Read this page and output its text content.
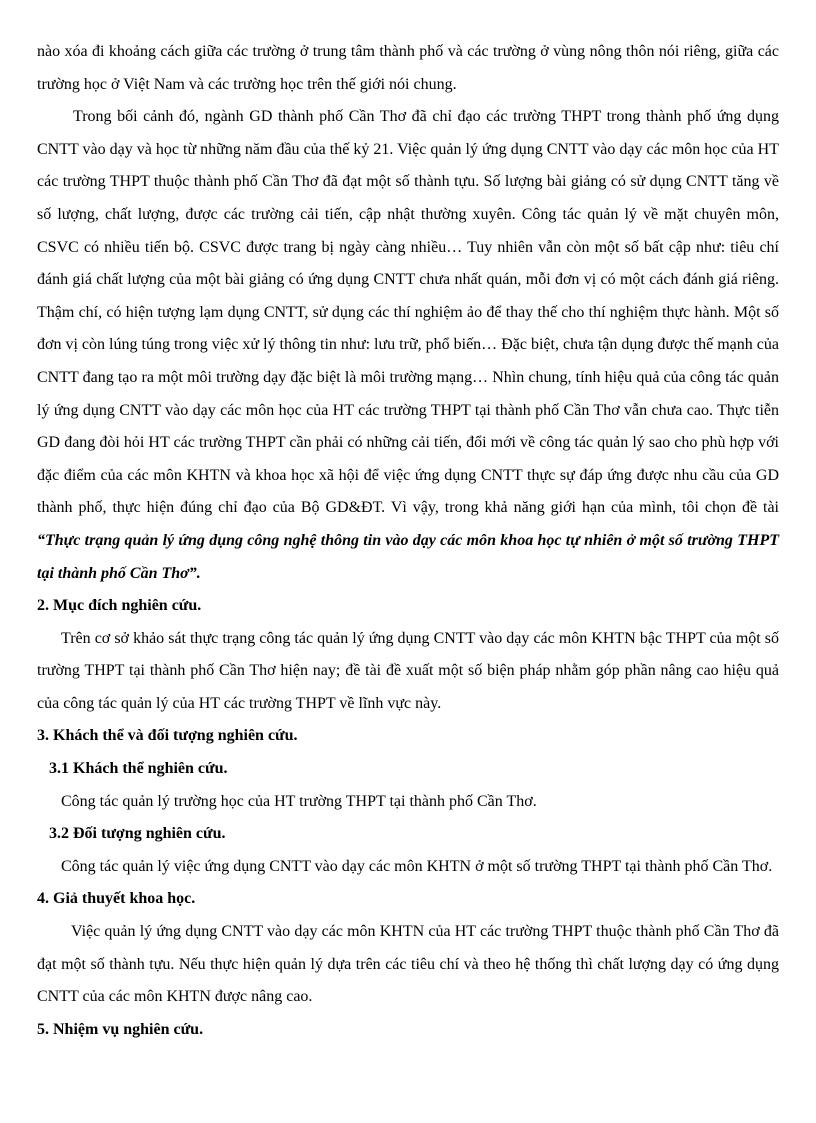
nào xóa đi khoảng cách giữa các trường ở trung tâm thành phố và các trường ở vùng nông thôn nói riêng, giữa các trường học ở Việt Nam và các trường học trên thế giới nói chung.

Trong bối cảnh đó, ngành GD thành phố Cần Thơ đã chỉ đạo các trường THPT trong thành phố ứng dụng CNTT vào dạy và học từ những năm đầu của thế kỷ 21. Việc quản lý ứng dụng CNTT vào dạy các môn học của HT các trường THPT thuộc thành phố Cần Thơ đã đạt một số thành tựu. Số lượng bài giảng có sử dụng CNTT tăng về số lượng, chất lượng, được các trường cải tiến, cập nhật thường xuyên. Công tác quản lý về mặt chuyên môn, CSVC có nhiều tiến bộ. CSVC được trang bị ngày càng nhiều… Tuy nhiên vẫn còn một số bất cập như: tiêu chí đánh giá chất lượng của một bài giảng có ứng dụng CNTT chưa nhất quán, mỗi đơn vị có một cách đánh giá riêng. Thậm chí, có hiện tượng lạm dụng CNTT, sử dụng các thí nghiệm ảo để thay thế cho thí nghiệm thực hành. Một số đơn vị còn lúng túng trong việc xử lý thông tin như: lưu trữ, phổ biến… Đặc biệt, chưa tận dụng được thế mạnh của CNTT đang tạo ra một môi trường dạy đặc biệt là môi trường mạng… Nhìn chung, tính hiệu quả của công tác quản lý ứng dụng CNTT vào dạy các môn học của HT các trường THPT tại thành phố Cần Thơ vẫn chưa cao. Thực tiễn GD đang đòi hỏi HT các trường THPT cần phải có những cải tiến, đổi mới về công tác quản lý sao cho phù hợp với đặc điểm của các môn KHTN và khoa học xã hội để việc ứng dụng CNTT thực sự đáp ứng được nhu cầu của GD thành phố, thực hiện đúng chỉ đạo của Bộ GD&ĐT. Vì vậy, trong khả năng giới hạn của mình, tôi chọn đề tài “Thực trạng quản lý ứng dụng công nghệ thông tin vào dạy các môn khoa học tự nhiên ở một số trường THPT tại thành phố Cần Thơ”.

2. Mục đích nghiên cứu.

Trên cơ sở khảo sát thực trạng công tác quản lý ứng dụng CNTT vào dạy các môn KHTN bậc THPT của một số trường THPT tại thành phố Cần Thơ hiện nay; đề tài đề xuất một số biện pháp nhằm góp phần nâng cao hiệu quả của công tác quản lý của HT các trường THPT về lĩnh vực này.

3. Khách thể và đối tượng nghiên cứu.

3.1 Khách thể nghiên cứu.

Công tác quản lý trường học của HT trường THPT tại thành phố Cần Thơ.

3.2 Đối tượng nghiên cứu.

Công tác quản lý việc ứng dụng CNTT vào dạy các môn KHTN ở một số trường THPT tại thành phố Cần Thơ.

4. Giả thuyết khoa học.

Việc quản lý ứng dụng CNTT vào dạy các môn KHTN của HT các trường THPT thuộc thành phố Cần Thơ đã đạt một số thành tựu. Nếu thực hiện quản lý dựa trên các tiêu chí và theo hệ thống thì chất lượng dạy có ứng dụng CNTT của các môn KHTN được nâng cao.

5. Nhiệm vụ nghiên cứu.
